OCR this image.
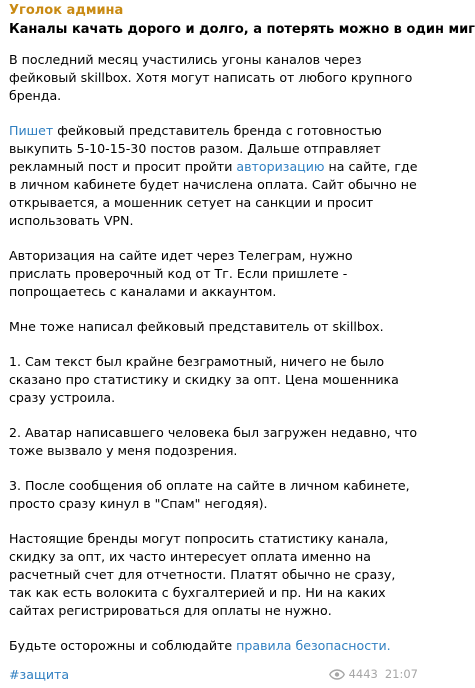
Уголок админа
Каналы качать дорого и долго, а потерять можно в один миг

В последний месяц участились угоны каналов через фейковый skillbox. Хотя могут написать от любого крупного бренда.

Пишет фейковый представитель бренда с готовностью выкупить 5-10-15-30 постов разом. Дальше отправляет рекламный пост и просит пройти авторизацию на сайте, где в личном кабинете будет начислена оплата. Сайт обычно не открывается, а мошенник сетует на санкции и просит использовать VPN.

Авторизация на сайте идет через Телеграм, нужно прислать проверочный код от Тг. Если пришлете - попрощаетесь с каналами и аккаунтом.

Мне тоже написал фейковый представитель от skillbox.

1. Сам текст был крайне безграмотный, ничего не было сказано про статистику и скидку за опт. Цена мошенника сразу устроила.

2. Аватар написавшего человека был загружен недавно, что тоже вызвало у меня подозрения.

3. После сообщения об оплате на сайте в личном кабинете, просто сразу кинул в "Спам" негодяя).

Настоящие бренды могут попросить статистику канала, скидку за опт, их часто интересует оплата именно на расчетный счет для отчетности. Платят обычно не сразу, так как есть волокита с бухгалтерией и пр. Ни на каких сайтах регистрироваться для оплаты не нужно.

Будьте осторожны и соблюдайте правила безопасности.

#защита	4443 21:07
